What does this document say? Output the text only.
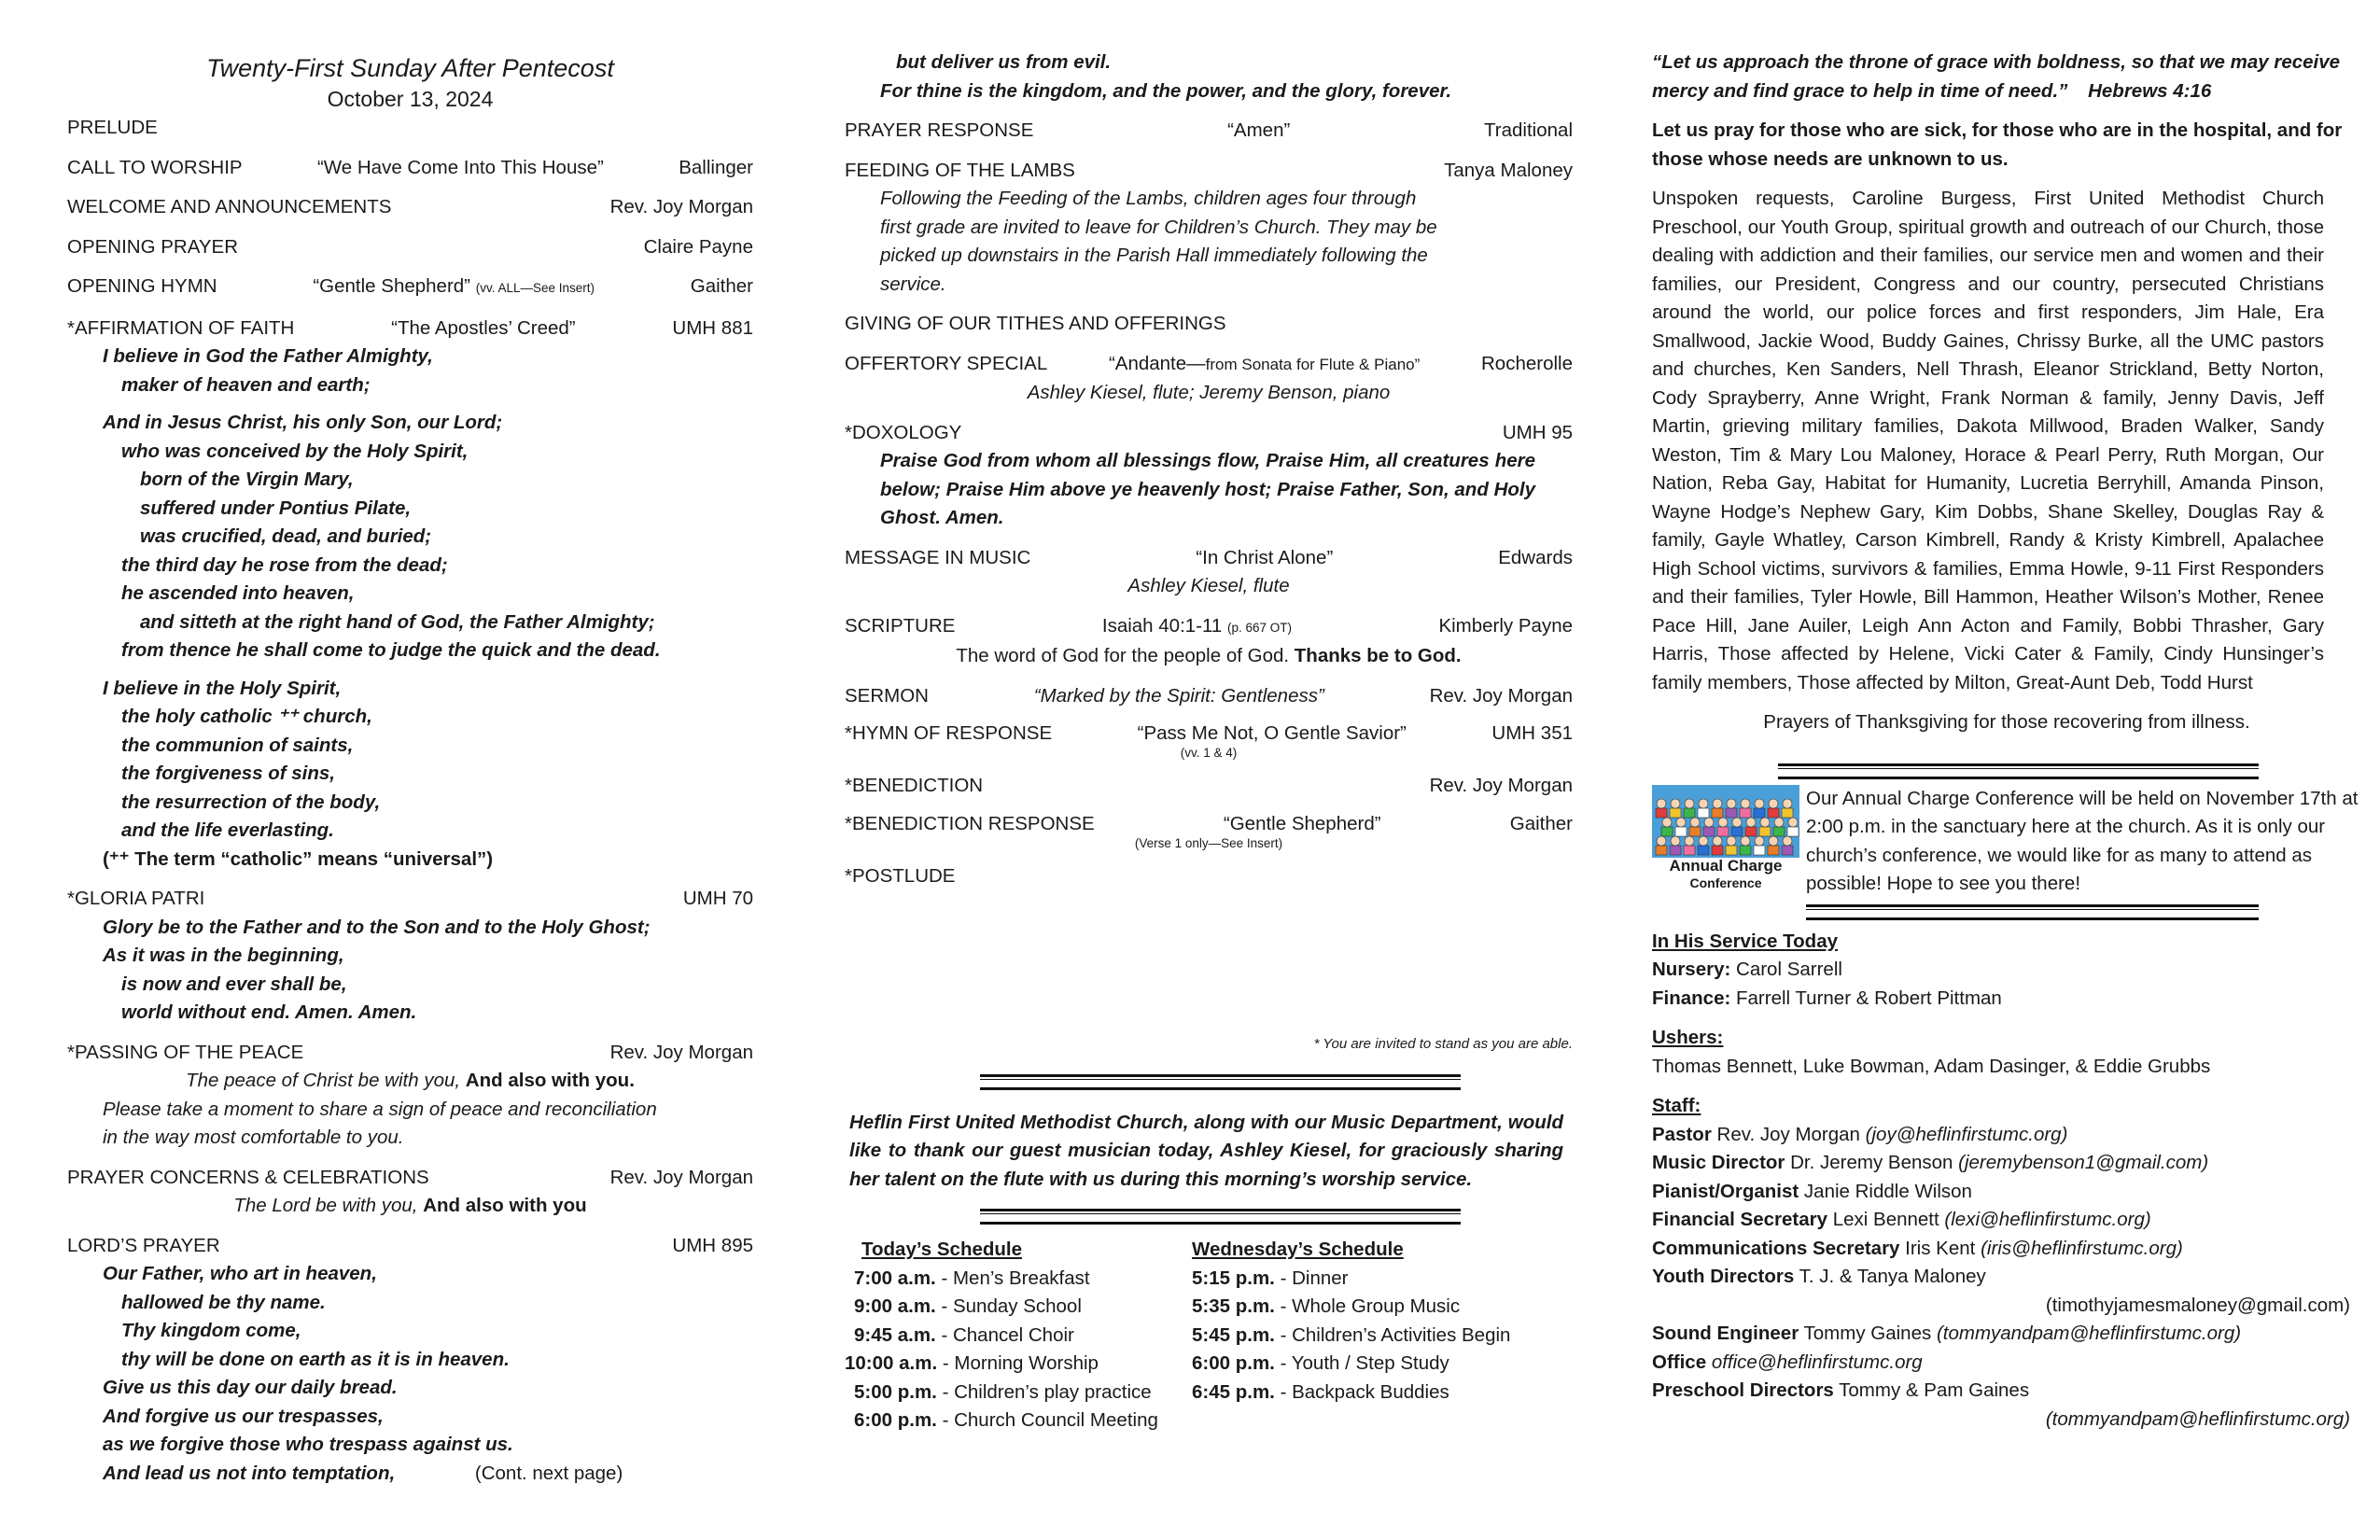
Twenty-First Sunday After Pentecost
October 13, 2024
PRELUDE
CALL TO WORSHIP	“We Have Come Into This House”	Ballinger
WELCOME AND ANNOUNCEMENTS	Rev. Joy Morgan
OPENING PRAYER	Claire Payne
OPENING HYMN	“Gentle Shepherd” (vv. ALL—See Insert)	Gaither
*AFFIRMATION OF FAITH	“The Apostles’ Creed”	UMH 881
I believe in God the Father Almighty,
maker of heaven and earth;
And in Jesus Christ, his only Son, our Lord;
who was conceived by the Holy Spirit,
born of the Virgin Mary,
suffered under Pontius Pilate,
was crucified, dead, and buried;
the third day he rose from the dead;
he ascended into heaven,
and sitteth at the right hand of God, the Father Almighty;
from thence he shall come to judge the quick and the dead.
I believe in the Holy Spirit,
the holy catholic ⁺⁺ church,
the communion of saints,
the forgiveness of sins,
the resurrection of the body,
and the life everlasting.
(⁺⁺ The term “catholic” means “universal”)
*GLORIA PATRI	UMH 70
Glory be to the Father and to the Son and to the Holy Ghost;
As it was in the beginning,
is now and ever shall be,
world without end. Amen. Amen.
*PASSING OF THE PEACE	Rev. Joy Morgan
The peace of Christ be with you, And also with you.
Please take a moment to share a sign of peace and reconciliation
in the way most comfortable to you.
PRAYER CONCERNS & CELEBRATIONS	Rev. Joy Morgan
The Lord be with you, And also with you
LORD’S PRAYER	UMH 895
Our Father, who art in heaven,
hallowed be thy name.
Thy kingdom come,
thy will be done on earth as it is in heaven.
Give us this day our daily bread.
And forgive us our trespasses,
as we forgive those who trespass against us.
And lead us not into temptation,	(Cont. next page)
but deliver us from evil.
For thine is the kingdom, and the power, and the glory, forever.
PRAYER RESPONSE	“Amen”	Traditional
FEEDING OF THE LAMBS	Tanya Maloney
Following the Feeding of the Lambs, children ages four through
first grade are invited to leave for Children’s Church. They may be
picked up downstairs in the Parish Hall immediately following the
service.
GIVING OF OUR TITHES AND OFFERINGS
OFFERTORY SPECIAL	“Andante—from Sonata for Flute & Piano”	Rocherolle
Ashley Kiesel, flute; Jeremy Benson, piano
*DOXOLOGY	UMH 95
Praise God from whom all blessings flow, Praise Him, all creatures here below; Praise Him above ye heavenly host; Praise Father, Son, and Holy Ghost. Amen.
MESSAGE IN MUSIC	“In Christ Alone”	Edwards
Ashley Kiesel, flute
SCRIPTURE	Isaiah 40:1-11 (p. 667 OT)	Kimberly Payne
The word of God for the people of God. Thanks be to God.
SERMON	“Marked by the Spirit: Gentleness”	Rev. Joy Morgan
*HYMN OF RESPONSE	“Pass Me Not, O Gentle Savior”	UMH 351
(vv. 1 & 4)
*BENEDICTION	Rev. Joy Morgan
*BENEDICTION RESPONSE	“Gentle Shepherd”	Gaither
(Verse 1 only—See Insert)
*POSTLUDE
* You are invited to stand as you are able.
Heflin First United Methodist Church, along with our Music Department, would like to thank our guest musician today, Ashley Kiesel, for graciously sharing her talent on the flute with us during this morning’s worship service.
Today’s Schedule
7:00 a.m. - Men’s Breakfast
9:00 a.m. - Sunday School
9:45 a.m. - Chancel Choir
10:00 a.m. - Morning Worship
5:00 p.m. - Children’s play practice
6:00 p.m. - Church Council Meeting
Wednesday’s Schedule
5:15 p.m. - Dinner
5:35 p.m. - Whole Group Music
5:45 p.m. - Children’s Activities Begin
6:00 p.m. - Youth / Step Study
6:45 p.m. - Backpack Buddies
“Let us approach the throne of grace with boldness, so that we may receive mercy and find grace to help in time of need.” Hebrews 4:16
Let us pray for those who are sick, for those who are in the hospital, and for those whose needs are unknown to us.
Unspoken requests, Caroline Burgess, First United Methodist Church Preschool, our Youth Group, spiritual growth and outreach of our Church, those dealing with addiction and their families, our service men and women and their families, our President, Congress and our country, persecuted Christians around the world, our police forces and first responders, Jim Hale, Era Smallwood, Jackie Wood, Buddy Gaines, Chrissy Burke, all the UMC pastors and churches, Ken Sanders, Nell Thrash, Eleanor Strickland, Betty Norton, Cody Sprayberry, Anne Wright, Frank Norman & family, Jenny Davis, Jeff Martin, grieving military families, Dakota Millwood, Braden Walker, Sandy Weston, Tim & Mary Lou Maloney, Horace & Pearl Perry, Ruth Morgan, Our Nation, Reba Gay, Habitat for Humanity, Lucretia Berryhill, Amanda Pinson, Wayne Hodge’s Nephew Gary, Kim Dobbs, Shane Skelley, Douglas Ray & family, Gayle Whatley, Carson Kimbrell, Randy & Kristy Kimbrell, Apalachee High School victims, survivors & families, Emma Howle, 9-11 First Responders and their families, Tyler Howle, Bill Hammon, Heather Wilson’s Mother, Renee Pace Hill, Jane Auiler, Leigh Ann Acton and Family, Bobbi Thrasher, Gary Harris, Those affected by Helene, Vicki Cater & Family, Cindy Hunsinger’s family members, Those affected by Milton, Great-Aunt Deb, Todd Hurst
Prayers of Thanksgiving for those recovering from illness.
Annual Charge
Conference
Our Annual Charge Conference will be held on November 17th at 2:00 p.m. in the sanctuary here at the church. As it is only our church’s conference, we would like for as many to attend as possible! Hope to see you there!
In His Service Today
Nursery: Carol Sarrell
Finance: Farrell Turner & Robert Pittman
Ushers:
Thomas Bennett, Luke Bowman, Adam Dasinger, & Eddie Grubbs
Staff:
Pastor Rev. Joy Morgan (joy@heflinfirstumc.org)
Music Director Dr. Jeremy Benson (jeremybenson1@gmail.com)
Pianist/Organist Janie Riddle Wilson
Financial Secretary Lexi Bennett (lexi@heflinfirstumc.org)
Communications Secretary Iris Kent (iris@heflinfirstumc.org)
Youth Directors T. J. & Tanya Maloney
(timothyjamesmaloney@gmail.com)
Sound Engineer Tommy Gaines (tommyandpam@heflinfirstumc.org)
Office office@heflinfirstumc.org
Preschool Directors Tommy & Pam Gaines
(tommyandpam@heflinfirstumc.org)
